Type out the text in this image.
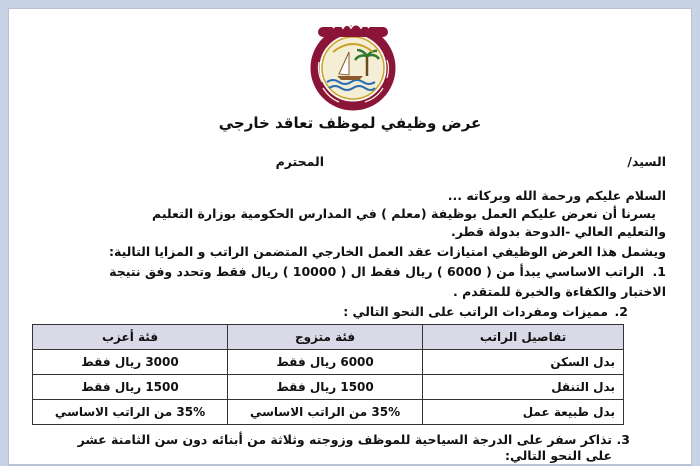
عرض وظيفي لموظف تعاقد خارجي
السيد/
المحترم
السلام عليكم ورحمة الله وبركاته ...
يسرنا أن نعرض عليكم العمل بوظيفة (معلم ) في المدارس الحكومية بوزارة التعليم
والتعليم العالي -الدوحة بدولة قطر.
ويشمل هذا العرض الوظيفي امتيازات عقد العمل الخارجي المتضمن الراتب و المزايا التالية:
1.
الراتب الاساسي يبدأ من ( 6000 ) ريال فقط ال ( 10000 ) ريال فقط وتحدد وفق نتيجة
الاختبار والكفاءة والخبرة للمتقدم .
2.
مميزات ومفردات الراتب على النحو التالي :
تفاصيل الراتب	فئة متزوج	فئة أعزب
بدل السكن	6000 ريال فقط	3000 ريال فقط
بدل التنقل	1500 ريال فقط	1500 ريال فقط
بدل طبيعة عمل	35% من الراتب الاساسي	35% من الراتب الاساسي
3.
تذاكر سفر على الدرجة السياحية للموظف وزوجته وثلاثة من أبنائه دون سن الثامنة عشر
على النحو التالي:
